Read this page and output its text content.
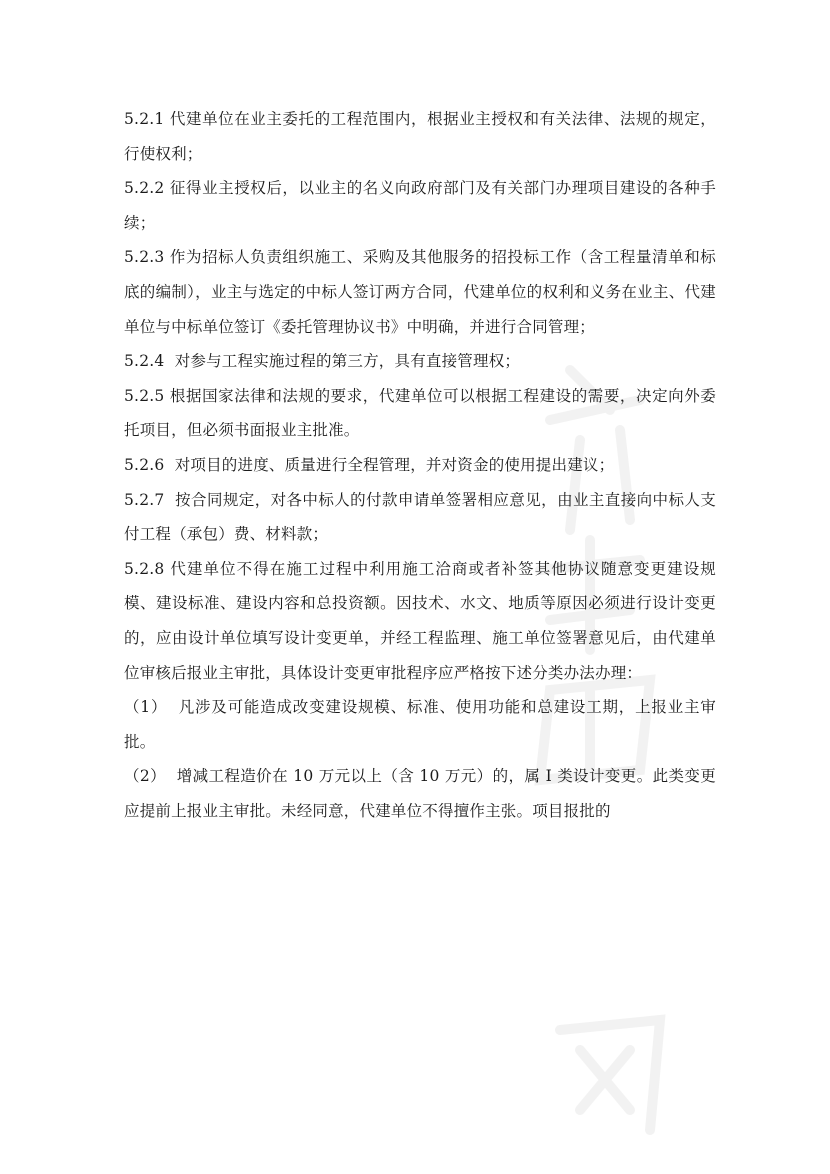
5.2.1 代建单位在业主委托的工程范围内，根据业主授权和有关法律、法规的规定，行使权利；

5.2.2 征得业主授权后，以业主的名义向政府部门及有关部门办理项目建设的各种手续；

5.2.3 作为招标人负责组织施工、采购及其他服务的招投标工作（含工程量清单和标底的编制），业主与选定的中标人签订两方合同，代建单位的权利和义务在业主、代建单位与中标单位签订《委托管理协议书》中明确，并进行合同管理；

5.2.4  对参与工程实施过程的第三方，具有直接管理权；

5.2.5 根据国家法律和法规的要求，代建单位可以根据工程建设的需要，决定向外委托项目，但必须书面报业主批准。

5.2.6  对项目的进度、质量进行全程管理，并对资金的使用提出建议；

5.2.7  按合同规定，对各中标人的付款申请单签署相应意见，由业主直接向中标人支付工程（承包）费、材料款；

5.2.8 代建单位不得在施工过程中利用施工洽商或者补签其他协议随意变更建设规模、建设标准、建设内容和总投资额。因技术、水文、地质等原因必须进行设计变更的，应由设计单位填写设计变更单，并经工程监理、施工单位签署意见后，由代建单位审核后报业主审批，具体设计变更审批程序应严格按下述分类办法办理：

（1）  凡涉及可能造成改变建设规模、标准、使用功能和总建设工期，上报业主审批。

（2）  增减工程造价在 10 万元以上（含 10 万元）的，属 I 类设计变更。此类变更 应提前上报业主审批。未经同意，代建单位不得擅作主张。项目报批的
